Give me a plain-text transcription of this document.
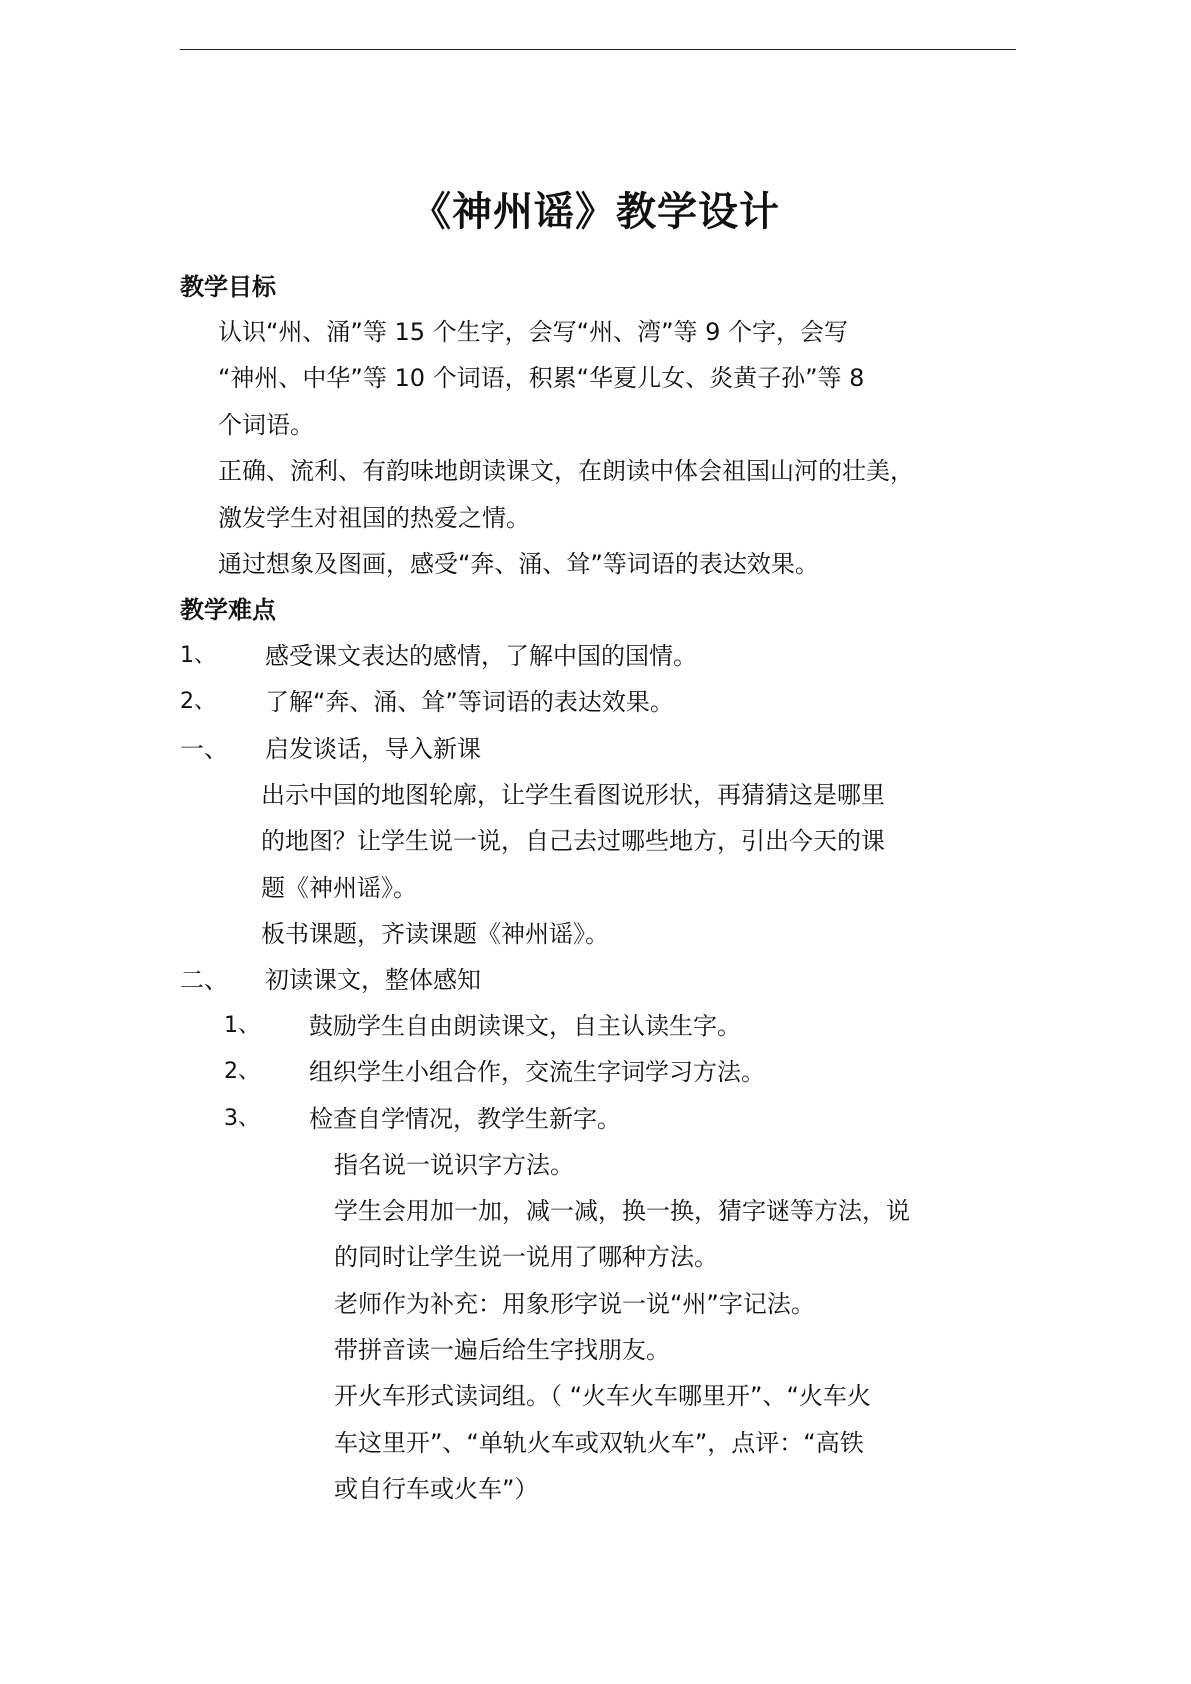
《神州谣》教学设计
教学目标
认识“州、涌”等 15 个生字，会写“州、湾”等 9 个字，会写
“神州、中华”等 10 个词语，积累“华夏儿女、炎黄子孙”等 8
个词语。
正确、流利、有韵味地朗读课文，在朗读中体会祖国山河的壮美，
激发学生对祖国的热爱之情。
通过想象及图画，感受“奔、涌、耸”等词语的表达效果。
教学难点
1、 感受课文表达的感情，了解中国的国情。
2、 了解“奔、涌、耸”等词语的表达效果。
一、 启发谈话，导入新课
出示中国的地图轮廓，让学生看图说形状，再猜猜这是哪里
的地图？让学生说一说，自己去过哪些地方，引出今天的课
题《神州谣》。
板书课题，齐读课题《神州谣》。
二、 初读课文，整体感知
1、 鼓励学生自由朗读课文，自主认读生字。
2、 组织学生小组合作，交流生字词学习方法。
3、 检查自学情况，教学生新字。
指名说一说识字方法。
学生会用加一加，减一减，换一换，猜字谜等方法，说
的同时让学生说一说用了哪种方法。
老师作为补充：用象形字说一说“州”字记法。
带拼音读一遍后给生字找朋友。
开火车形式读词组。（ “火车火车哪里开”、“火车火
车这里开”、“单轨火车或双轨火车”，点评：“高铁
或自行车或火车”）
